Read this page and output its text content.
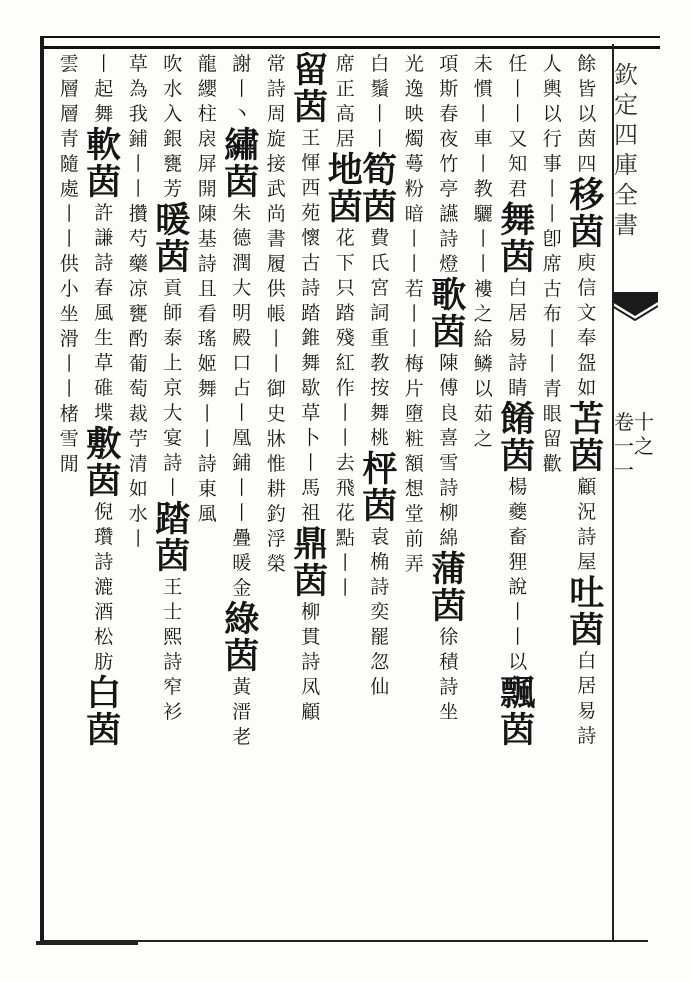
欽定四庫全書
卷十一之一
餘
皆
以
茵
四
移
茵
庾
信
文
奉
盌
如
苫
茵
顧
況
詩
屋
吐
茵
白
居
易
詩
人
輿
以
行
事
丨
丨
卽
席
古
布
丨
丨
青
眼
留
歡
任
丨
丨
又
知
君
舞
茵
白
居
易
詩
睛
餚
茵
楊
夔
畜
狸
說
丨
丨
以
飄
茵
未
慣
丨
車
丨
教
驪
丨
丨
褸
之
給
鳞
以
茹
之
項
斯
春
夜
竹
亭
讌
詩
燈
歌
茵
陳
傅
良
喜
雪
詩
柳
綿
蒲
茵
徐
積
詩
坐
光
逸
映
燭
蕚
粉
暗
丨
丨
若
丨
丨
梅
片
墮
粧
額
想
堂
前
弄
白
鬚
丨
丨
筍
茵
費
氏
宮
詞
重
教
按
舞
桃
枰
茵
袁
桷
詩
奕
罷
忽
仙
席
正
高
居
地
茵
花
下
只
踏
殘
紅
作
丨
丨
去
飛
花
點
丨
丨
留
茵
王
惲
西
苑
懷
古
詩
踏
錐
舞
歇
草
卜
丨
馬
祖
鼎
茵
柳
貫
詩
凤
顧
常
詩
周
旋
接
武
尚
書
履
供
帳
丨
丨
御
史
牀
惟
耕
釣
浮
榮
謝
丨
丶
繡
茵
朱
德
潤
大
明
殿
口
占
丨
凰
鋪
丨
丨
疊
暖
金
綠
茵
黃
溍
老
龍
纓
柱
扆
屏
開
陳
基
詩
且
看
瑤
姬
舞
丨
丨
詩
東
風
吹
水
入
銀
甕
芳
暖
茵
貢
師
泰
上
京
大
宴
詩
丨
踏
茵
王
士
熙
詩
窄
衫
草
為
我
鋪
丨
丨
攢
芍
藥
凉
甕
酌
葡
萄
裁
苧
清
如
水
丨
丨
起
舞
軟
茵
許
謙
詩
春
風
生
草
碓
堞
敷
茵
倪
瓚
詩
漉
酒
松
肪
白
茵
雲
層
層
青
隨
處
丨
丨
供
小
坐
滑
丨
丨
楮
雪
閒
